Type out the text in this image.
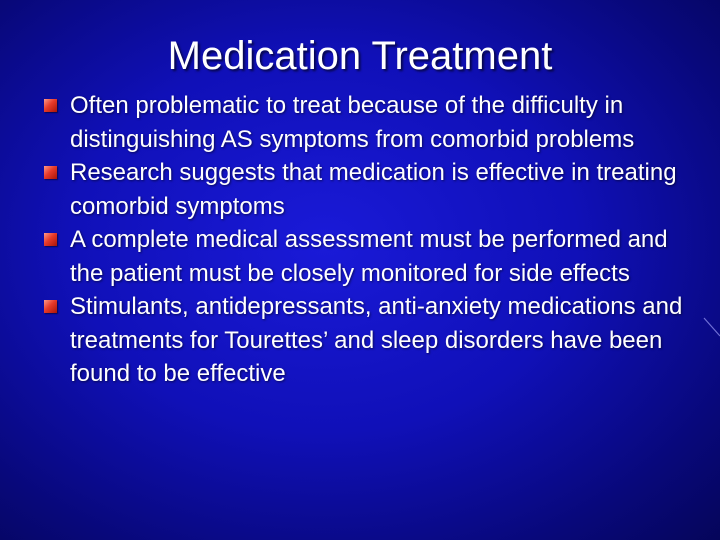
Medication Treatment
Often problematic to treat because of the difficulty in distinguishing AS symptoms from comorbid problems
Research suggests that medication is effective in treating comorbid symptoms
A complete medical assessment must be performed and the patient must be closely monitored for side effects
Stimulants, antidepressants, anti-anxiety medications and treatments for Tourettes’ and sleep disorders have been found to be effective
